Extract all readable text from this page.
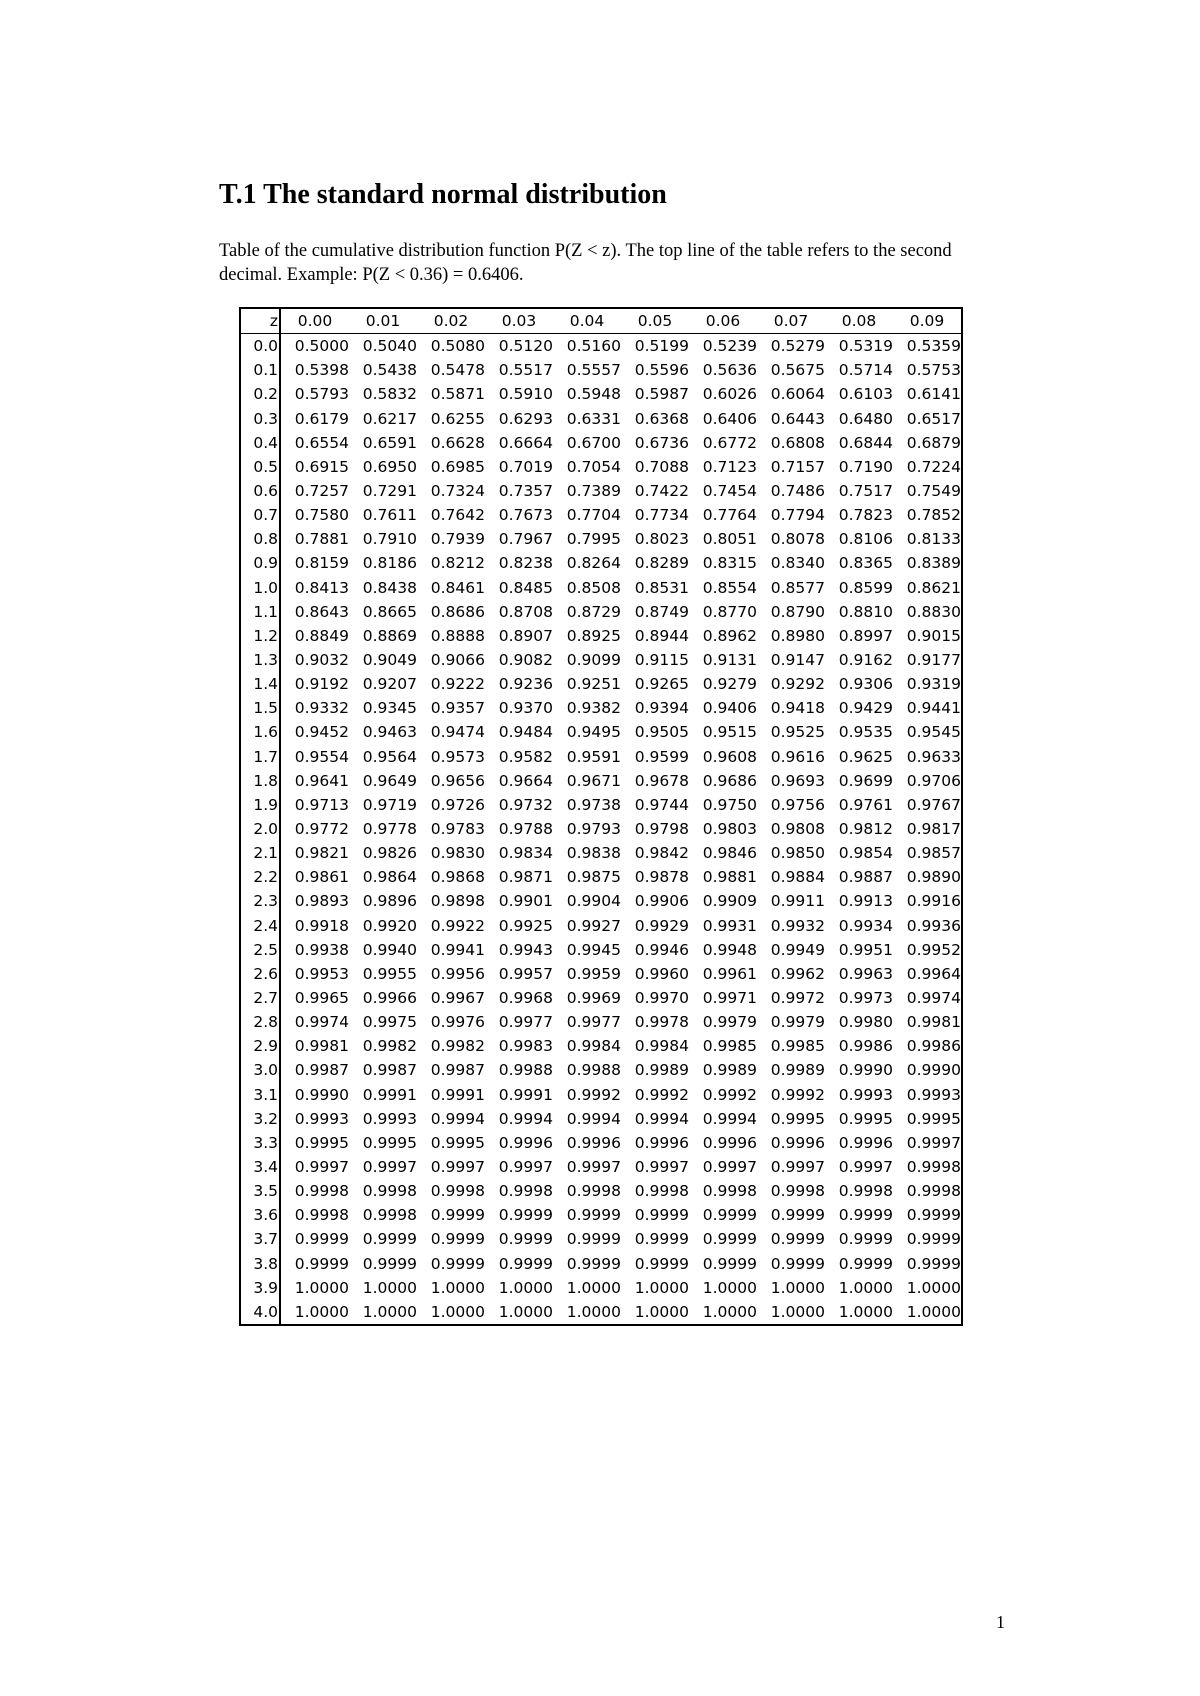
T.1 The standard normal distribution
Table of the cumulative distribution function P(Z < z). The top line of the table refers to the second decimal. Example: P(Z < 0.36) = 0.6406.
z	0.00	0.01	0.02	0.03	0.04	0.05	0.06	0.07	0.08	0.09
0.0	0.5000	0.5040	0.5080	0.5120	0.5160	0.5199	0.5239	0.5279	0.5319	0.5359
0.1	0.5398	0.5438	0.5478	0.5517	0.5557	0.5596	0.5636	0.5675	0.5714	0.5753
0.2	0.5793	0.5832	0.5871	0.5910	0.5948	0.5987	0.6026	0.6064	0.6103	0.6141
0.3	0.6179	0.6217	0.6255	0.6293	0.6331	0.6368	0.6406	0.6443	0.6480	0.6517
0.4	0.6554	0.6591	0.6628	0.6664	0.6700	0.6736	0.6772	0.6808	0.6844	0.6879
0.5	0.6915	0.6950	0.6985	0.7019	0.7054	0.7088	0.7123	0.7157	0.7190	0.7224
0.6	0.7257	0.7291	0.7324	0.7357	0.7389	0.7422	0.7454	0.7486	0.7517	0.7549
0.7	0.7580	0.7611	0.7642	0.7673	0.7704	0.7734	0.7764	0.7794	0.7823	0.7852
0.8	0.7881	0.7910	0.7939	0.7967	0.7995	0.8023	0.8051	0.8078	0.8106	0.8133
0.9	0.8159	0.8186	0.8212	0.8238	0.8264	0.8289	0.8315	0.8340	0.8365	0.8389
1.0	0.8413	0.8438	0.8461	0.8485	0.8508	0.8531	0.8554	0.8577	0.8599	0.8621
1.1	0.8643	0.8665	0.8686	0.8708	0.8729	0.8749	0.8770	0.8790	0.8810	0.8830
1.2	0.8849	0.8869	0.8888	0.8907	0.8925	0.8944	0.8962	0.8980	0.8997	0.9015
1.3	0.9032	0.9049	0.9066	0.9082	0.9099	0.9115	0.9131	0.9147	0.9162	0.9177
1.4	0.9192	0.9207	0.9222	0.9236	0.9251	0.9265	0.9279	0.9292	0.9306	0.9319
1.5	0.9332	0.9345	0.9357	0.9370	0.9382	0.9394	0.9406	0.9418	0.9429	0.9441
1.6	0.9452	0.9463	0.9474	0.9484	0.9495	0.9505	0.9515	0.9525	0.9535	0.9545
1.7	0.9554	0.9564	0.9573	0.9582	0.9591	0.9599	0.9608	0.9616	0.9625	0.9633
1.8	0.9641	0.9649	0.9656	0.9664	0.9671	0.9678	0.9686	0.9693	0.9699	0.9706
1.9	0.9713	0.9719	0.9726	0.9732	0.9738	0.9744	0.9750	0.9756	0.9761	0.9767
2.0	0.9772	0.9778	0.9783	0.9788	0.9793	0.9798	0.9803	0.9808	0.9812	0.9817
2.1	0.9821	0.9826	0.9830	0.9834	0.9838	0.9842	0.9846	0.9850	0.9854	0.9857
2.2	0.9861	0.9864	0.9868	0.9871	0.9875	0.9878	0.9881	0.9884	0.9887	0.9890
2.3	0.9893	0.9896	0.9898	0.9901	0.9904	0.9906	0.9909	0.9911	0.9913	0.9916
2.4	0.9918	0.9920	0.9922	0.9925	0.9927	0.9929	0.9931	0.9932	0.9934	0.9936
2.5	0.9938	0.9940	0.9941	0.9943	0.9945	0.9946	0.9948	0.9949	0.9951	0.9952
2.6	0.9953	0.9955	0.9956	0.9957	0.9959	0.9960	0.9961	0.9962	0.9963	0.9964
2.7	0.9965	0.9966	0.9967	0.9968	0.9969	0.9970	0.9971	0.9972	0.9973	0.9974
2.8	0.9974	0.9975	0.9976	0.9977	0.9977	0.9978	0.9979	0.9979	0.9980	0.9981
2.9	0.9981	0.9982	0.9982	0.9983	0.9984	0.9984	0.9985	0.9985	0.9986	0.9986
3.0	0.9987	0.9987	0.9987	0.9988	0.9988	0.9989	0.9989	0.9989	0.9990	0.9990
3.1	0.9990	0.9991	0.9991	0.9991	0.9992	0.9992	0.9992	0.9992	0.9993	0.9993
3.2	0.9993	0.9993	0.9994	0.9994	0.9994	0.9994	0.9994	0.9995	0.9995	0.9995
3.3	0.9995	0.9995	0.9995	0.9996	0.9996	0.9996	0.9996	0.9996	0.9996	0.9997
3.4	0.9997	0.9997	0.9997	0.9997	0.9997	0.9997	0.9997	0.9997	0.9997	0.9998
3.5	0.9998	0.9998	0.9998	0.9998	0.9998	0.9998	0.9998	0.9998	0.9998	0.9998
3.6	0.9998	0.9998	0.9999	0.9999	0.9999	0.9999	0.9999	0.9999	0.9999	0.9999
3.7	0.9999	0.9999	0.9999	0.9999	0.9999	0.9999	0.9999	0.9999	0.9999	0.9999
3.8	0.9999	0.9999	0.9999	0.9999	0.9999	0.9999	0.9999	0.9999	0.9999	0.9999
3.9	1.0000	1.0000	1.0000	1.0000	1.0000	1.0000	1.0000	1.0000	1.0000	1.0000
4.0	1.0000	1.0000	1.0000	1.0000	1.0000	1.0000	1.0000	1.0000	1.0000	1.0000
1
